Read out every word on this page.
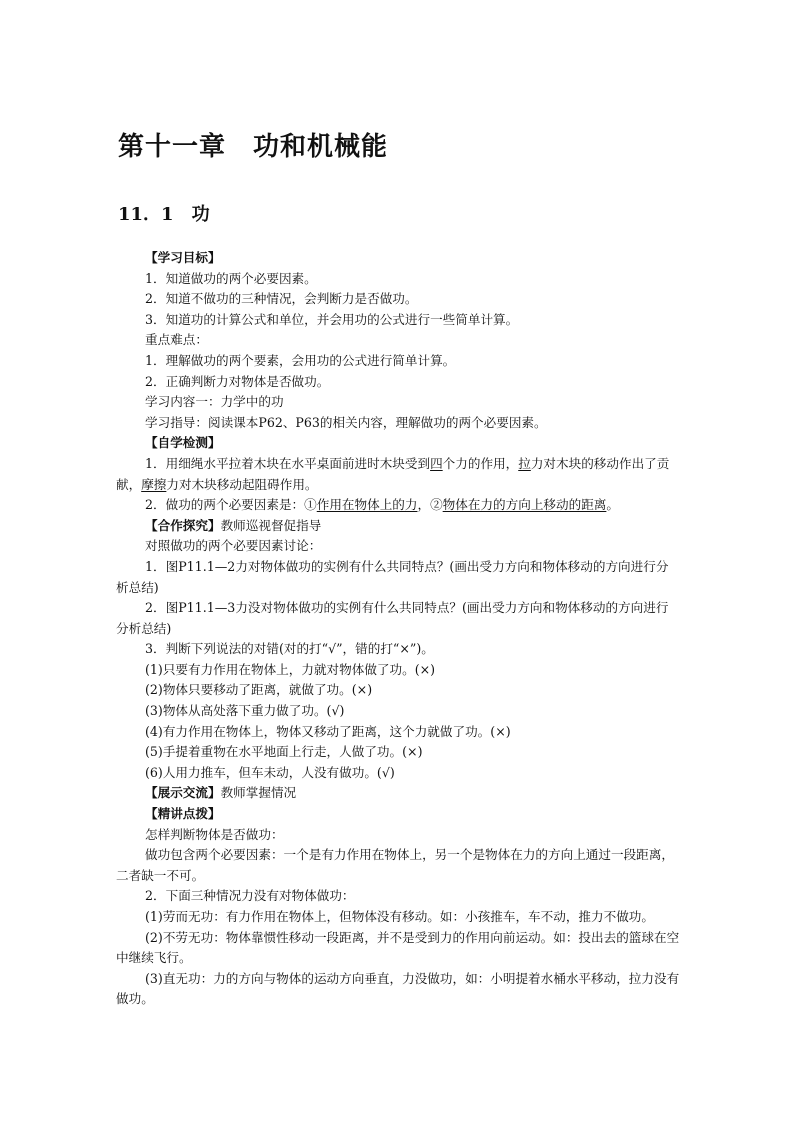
第十一章　功和机械能
11．1　功

【学习目标】

1．知道做功的两个必要因素。

2．知道不做功的三种情况，会判断力是否做功。

3．知道功的计算公式和单位，并会用功的公式进行一些简单计算。

重点难点：

1．理解做功的两个要素，会用功的公式进行简单计算。

2．正确判断力对物体是否做功。

学习内容一：力学中的功

学习指导：阅读课本P62、P63的相关内容，理解做功的两个必要因素。

【自学检测】

1．用细绳水平拉着木块在水平桌面前进时木块受到四个力的作用，拉力对木块的移动作出了贡献，摩擦力对木块移动起阻碍作用。

2．做功的两个必要因素是：①作用在物体上的力，②物体在力的方向上移动的距离。

【合作探究】教师巡视督促指导

对照做功的两个必要因素讨论：

1．图P11.1—2力对物体做功的实例有什么共同特点？(画出受力方向和物体移动的方向进行分析总结)

2．图P11.1—3力没对物体做功的实例有什么共同特点？(画出受力方向和物体移动的方向进行分析总结)

3．判断下列说法的对错(对的打“√”，错的打“×”)。

(1)只要有力作用在物体上，力就对物体做了功。(×)

(2)物体只要移动了距离，就做了功。(×)

(3)物体从高处落下重力做了功。(√)

(4)有力作用在物体上，物体又移动了距离，这个力就做了功。(×)

(5)手提着重物在水平地面上行走，人做了功。(×)

(6)人用力推车，但车未动，人没有做功。(√)

【展示交流】教师掌握情况

【精讲点拨】

怎样判断物体是否做功：

做功包含两个必要因素：一个是有力作用在物体上，另一个是物体在力的方向上通过一段距离，二者缺一不可。

2．下面三种情况力没有对物体做功：

(1)劳而无功：有力作用在物体上，但物体没有移动。如：小孩推车，车不动，推力不做功。

(2)不劳无功：物体靠惯性移动一段距离，并不是受到力的作用向前运动。如：投出去的篮球在空中继续飞行。

(3)直无功：力的方向与物体的运动方向垂直，力没做功，如：小明提着水桶水平移动，拉力没有做功。
